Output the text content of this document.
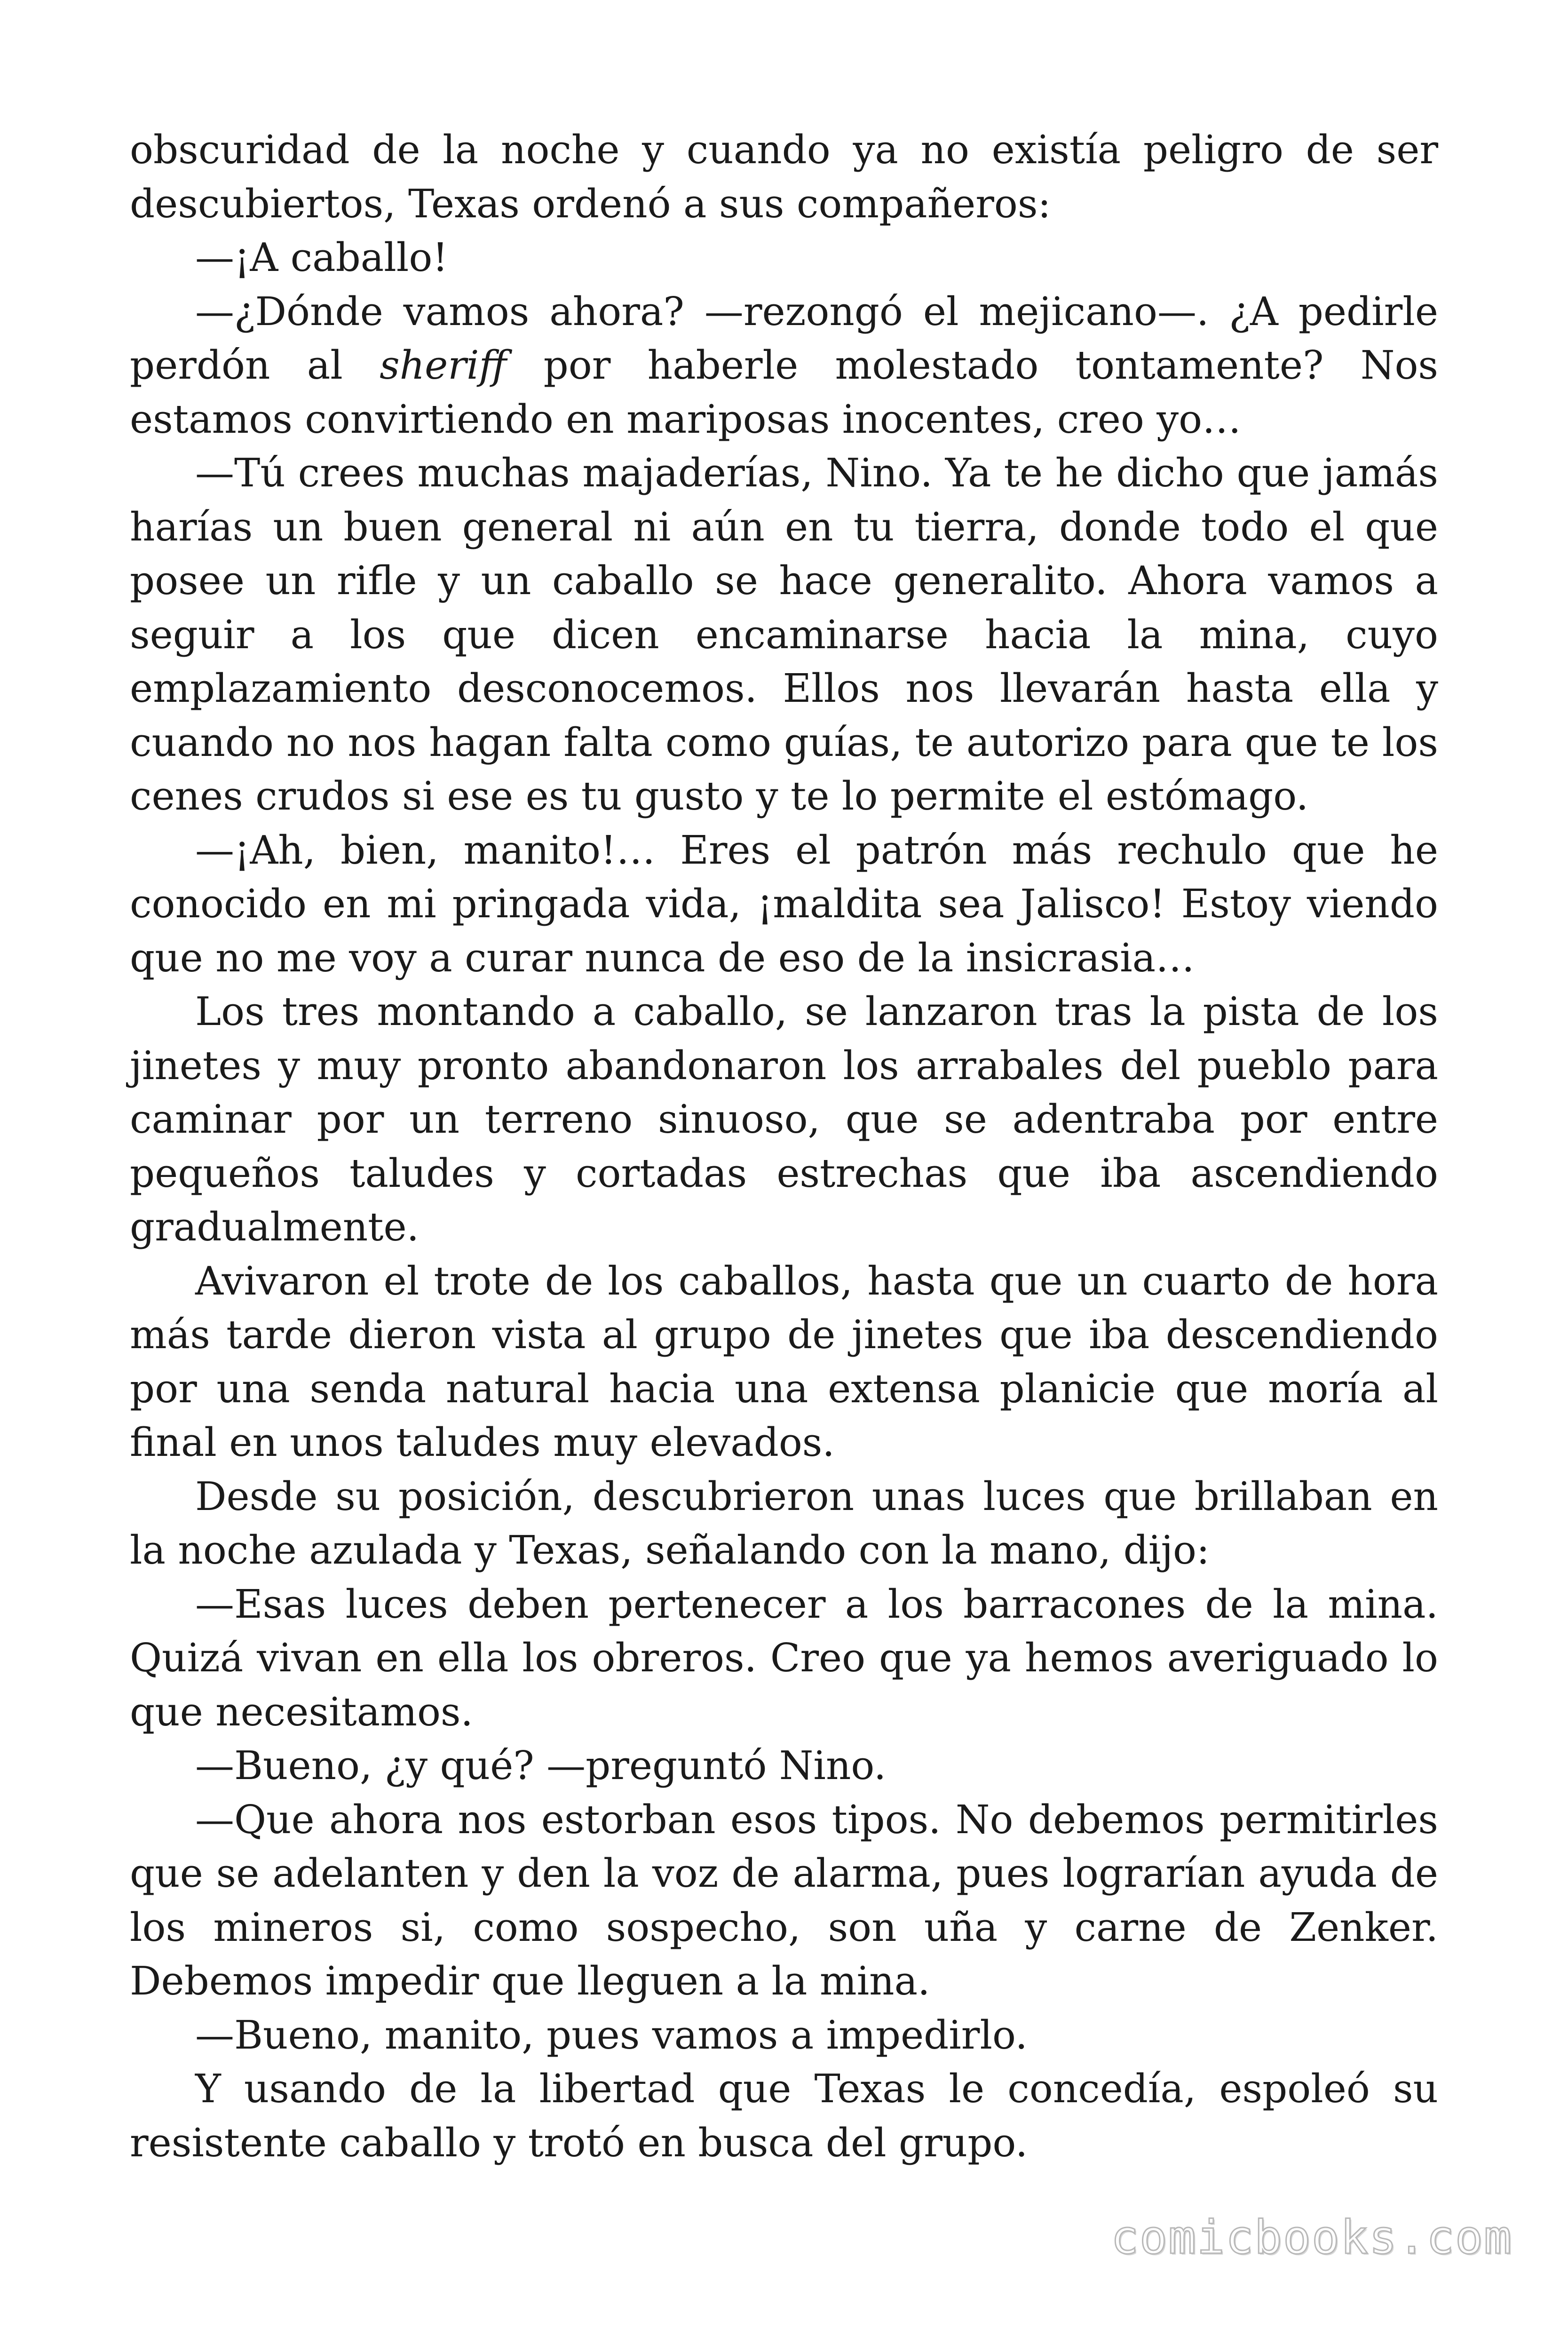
obscuridad de la noche y cuando ya no existía peligro de ser descubiertos, Texas ordenó a sus compañeros:

—¡A caballo!

—¿Dónde vamos ahora? —rezongó el mejicano—. ¿A pedirle perdón al sheriff por haberle molestado tontamente? Nos estamos convirtiendo en mariposas inocentes, creo yo…

—Tú crees muchas majaderías, Nino. Ya te he dicho que jamás harías un buen general ni aún en tu tierra, donde todo el que posee un rifle y un caballo se hace generalito. Ahora vamos a seguir a los que dicen encaminarse hacia la mina, cuyo emplazamiento desconocemos. Ellos nos llevarán hasta ella y cuando no nos hagan falta como guías, te autorizo para que te los cenes crudos si ese es tu gusto y te lo permite el estómago.

—¡Ah, bien, manito!… Eres el patrón más rechulo que he conocido en mi pringada vida, ¡maldita sea Jalisco! Estoy viendo que no me voy a curar nunca de eso de la insicrasia…

Los tres montando a caballo, se lanzaron tras la pista de los jinetes y muy pronto abandonaron los arrabales del pueblo para caminar por un terreno sinuoso, que se adentraba por entre pequeños taludes y cortadas estrechas que iba ascendiendo gradualmente.

Avivaron el trote de los caballos, hasta que un cuarto de hora más tarde dieron vista al grupo de jinetes que iba descendiendo por una senda natural hacia una extensa planicie que moría al final en unos taludes muy elevados.

Desde su posición, descubrieron unas luces que brillaban en la noche azulada y Texas, señalando con la mano, dijo:

—Esas luces deben pertenecer a los barracones de la mina. Quizá vivan en ella los obreros. Creo que ya hemos averiguado lo que necesitamos.

—Bueno, ¿y qué? —preguntó Nino.

—Que ahora nos estorban esos tipos. No debemos permitirles que se adelanten y den la voz de alarma, pues lograrían ayuda de los mineros si, como sospecho, son uña y carne de Zenker. Debemos impedir que lleguen a la mina.

—Bueno, manito, pues vamos a impedirlo.

Y usando de la libertad que Texas le concedía, espoleó su resistente caballo y trotó en busca del grupo.

comicbooks.com
